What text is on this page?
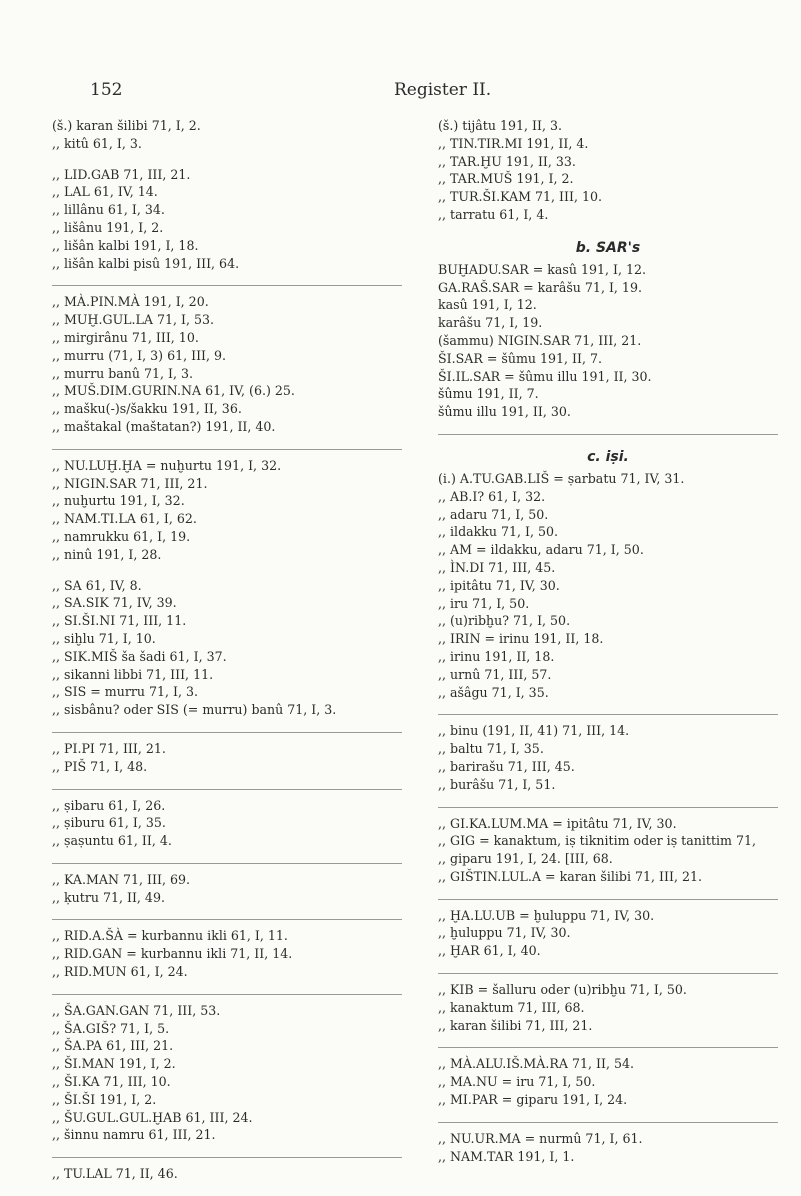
152	Register II.
(š.) karan šilibi 71, I, 2.
,, kitû 61, I, 3.
,, LID.GAB 71, III, 21.
,, LAL 61, IV, 14.
,, lillânu 61, I, 34.
,, lišânu 191, I, 2.
,, lišân kalbi 191, I, 18.
,, lišân kalbi pisû 191, III, 64.
,, MÀ.PIN.MÀ 191, I, 20.
,, MUḪ.GUL.LA 71, I, 53.
,, mirgirânu 71, III, 10.
,, murru (71, I, 3) 61, III, 9.
,, murru banû 71, I, 3.
,, MUŠ.DIM.GURIN.NA 61, IV, (6.) 25.
,, mašku(-)s/šakku 191, II, 36.
,, maštakal (maštatan?) 191, II, 40.
,, NU.LUḪ.ḪA = nuḫurtu 191, I, 32.
,, NIGIN.SAR 71, III, 21.
,, nuḫurtu 191, I, 32.
,, NAM.TI.LA 61, I, 62.
,, namrukku 61, I, 19.
,, ninû 191, I, 28.
,, SA 61, IV, 8.
,, SA.SIK 71, IV, 39.
,, SI.ŠI.NI 71, III, 11.
,, siḫlu 71, I, 10.
,, SIK.MIŠ ša šadi 61, I, 37.
,, sikanni libbi 71, III, 11.
,, SIS = murru 71, I, 3.
,, sisbânu? oder SIS (= murru) banû 71, I, 3.
,, PI.PI 71, III, 21.
,, PIŠ 71, I, 48.
,, ṣibaru 61, I, 26.
,, ṣiburu 61, I, 35.
,, ṣaṣuntu 61, II, 4.
,, KA.MAN 71, III, 69.
,, ḳutru 71, II, 49.
,, RID.A.ŠÀ = kurbannu ikli 61, I, 11.
,, RID.GAN = kurbannu ikli 71, II, 14.
,, RID.MUN 61, I, 24.
,, ŠA.GAN.GAN 71, III, 53.
,, ŠA.GIŠ? 71, I, 5.
,, ŠA.PA 61, III, 21.
,, ŠI.MAN 191, I, 2.
,, ŠI.KA 71, III, 10.
,, ŠI.ŠI 191, I, 2.
,, ŠU.GUL.GUL.ḪAB 61, III, 24.
,, šinnu namru 61, III, 21.
,, TU.LAL 71, II, 46.
(š.) tijâtu 191, II, 3.
,, TIN.TIR.MI 191, II, 4.
,, TAR.ḪU 191, II, 33.
,, TAR.MUŠ 191, I, 2.
,, TUR.ŠI.KAM 71, III, 10.
,, tarratu 61, I, 4.
b. SAR's
BUḪADU.SAR = kasû 191, I, 12.
GA.RAŠ.SAR = karâšu 71, I, 19.
kasû 191, I, 12.
karâšu 71, I, 19.
(šammu) NIGIN.SAR 71, III, 21.
ŠI.SAR = šûmu 191, II, 7.
ŠI.IL.SAR = šûmu illu 191, II, 30.
šûmu 191, II, 7.
šûmu illu 191, II, 30.
c. iṣi.
(i.) A.TU.GAB.LIŠ = ṣarbatu 71, IV, 31.
,, AB.I? 61, I, 32.
,, adaru 71, I, 50.
,, ildakku 71, I, 50.
,, AM = ildakku, adaru 71, I, 50.
,, ÌN.DI 71, III, 45.
,, ipitâtu 71, IV, 30.
,, iru 71, I, 50.
,, (u)ribḫu? 71, I, 50.
,, IRIN = irinu 191, II, 18.
,, irinu 191, II, 18.
,, urnû 71, III, 57.
,, ašâgu 71, I, 35.
,, binu (191, II, 41) 71, III, 14.
,, baltu 71, I, 35.
,, barirašu 71, III, 45.
,, burâšu 71, I, 51.
,, GI.KA.LUM.MA = ipitâtu 71, IV, 30.
,, GIG = kanaktum, iṣ tiknitim oder iṣ tanittim 71,
,, giparu 191, I, 24. [III, 68.
,, GIŠTIN.LUL.A = karan šilibi 71, III, 21.
,, ḪA.LU.UB = ḫuluppu 71, IV, 30.
,, ḫuluppu 71, IV, 30.
,, ḪAR 61, I, 40.
,, KIB = šalluru oder (u)ribḫu 71, I, 50.
,, kanaktum 71, III, 68.
,, karan šilibi 71, III, 21.
,, MÀ.ALU.IŠ.MÀ.RA 71, II, 54.
,, MA.NU = iru 71, I, 50.
,, MI.PAR = giparu 191, I, 24.
,, NU.UR.MA = nurmû 71, I, 61.
,, NAM.TAR 191, I, 1.
